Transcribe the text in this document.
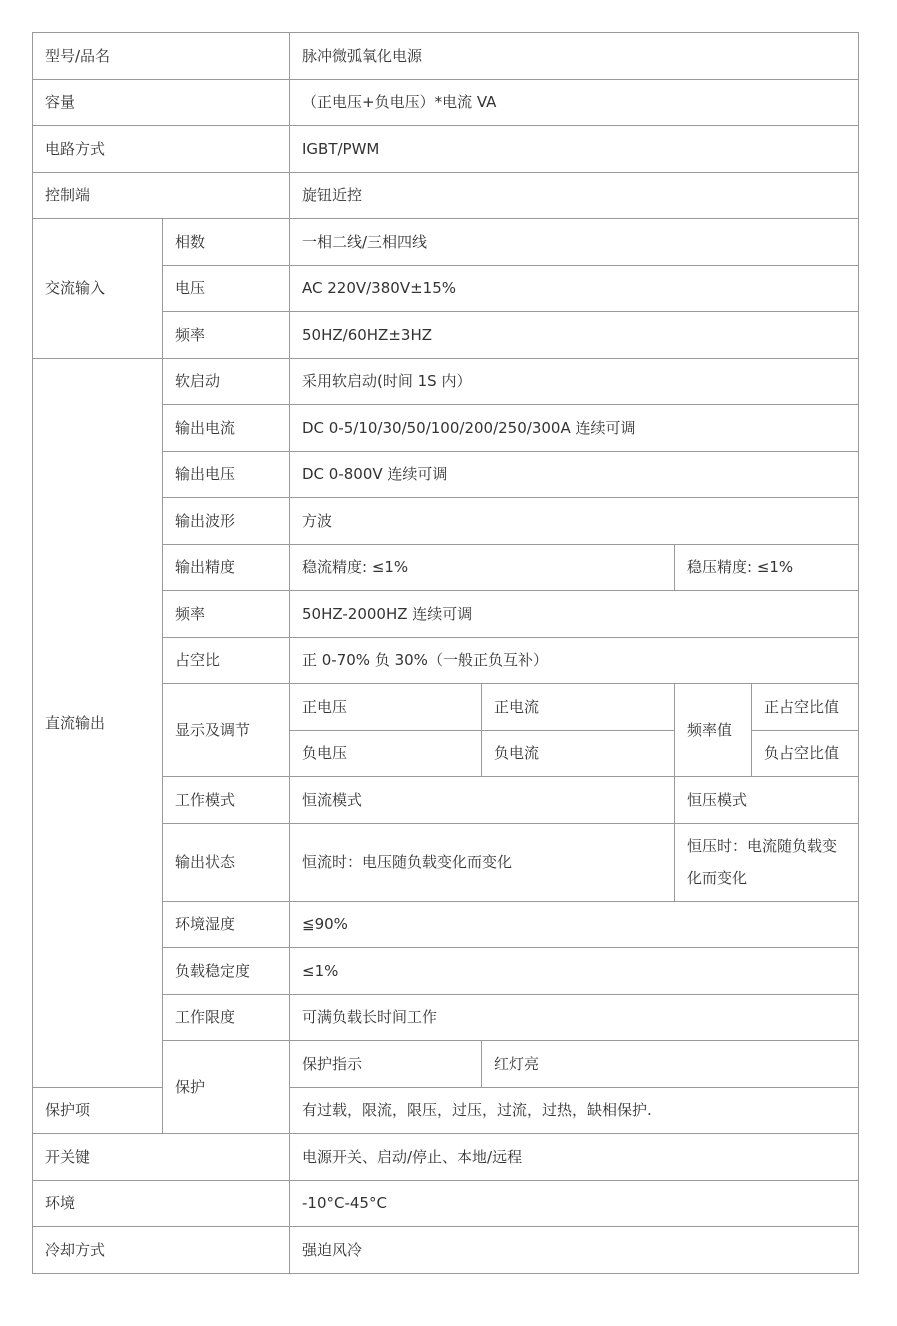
型号/品名		脉冲微弧氧化电源			
容量		（正电压+负电压）*电流 VA			
电路方式		IGBT/PWM			
控制端		旋钮近控			
交流输入	相数	一相二线/三相四线			
	电压	AC 220V/380V±15%			
	频率	50HZ/60HZ±3HZ			
直流输出	软启动	采用软启动(时间 1S 内）			
	输出电流	DC 0-5/10/30/50/100/200/250/300A 连续可调			
	输出电压	DC 0-800V 连续可调			
	输出波形	方波			
	输出精度	稳流精度: ≤1%		稳压精度: ≤1%	
	频率	50HZ-2000HZ 连续可调			
	占空比	正 0-70% 负 30%（一般正负互补）			
	显示及调节	正电压	正电流	频率值	正占空比值
		负电压	负电流		负占空比值
	工作模式	恒流模式		恒压模式	
	输出状态	恒流时：电压随负载变化而变化		恒压时：电流随负载变化而变化	
	环境湿度	≦90%			
	负载稳定度	≤1%			
	工作限度	可满负载长时间工作			
	保护	保护指示	红灯亮		
保护项		有过载，限流，限压，过压，过流，过热，缺相保护.			
开关键		电源开关、启动/停止、本地/远程			
环境		-10°C-45°C			
冷却方式		强迫风冷			
